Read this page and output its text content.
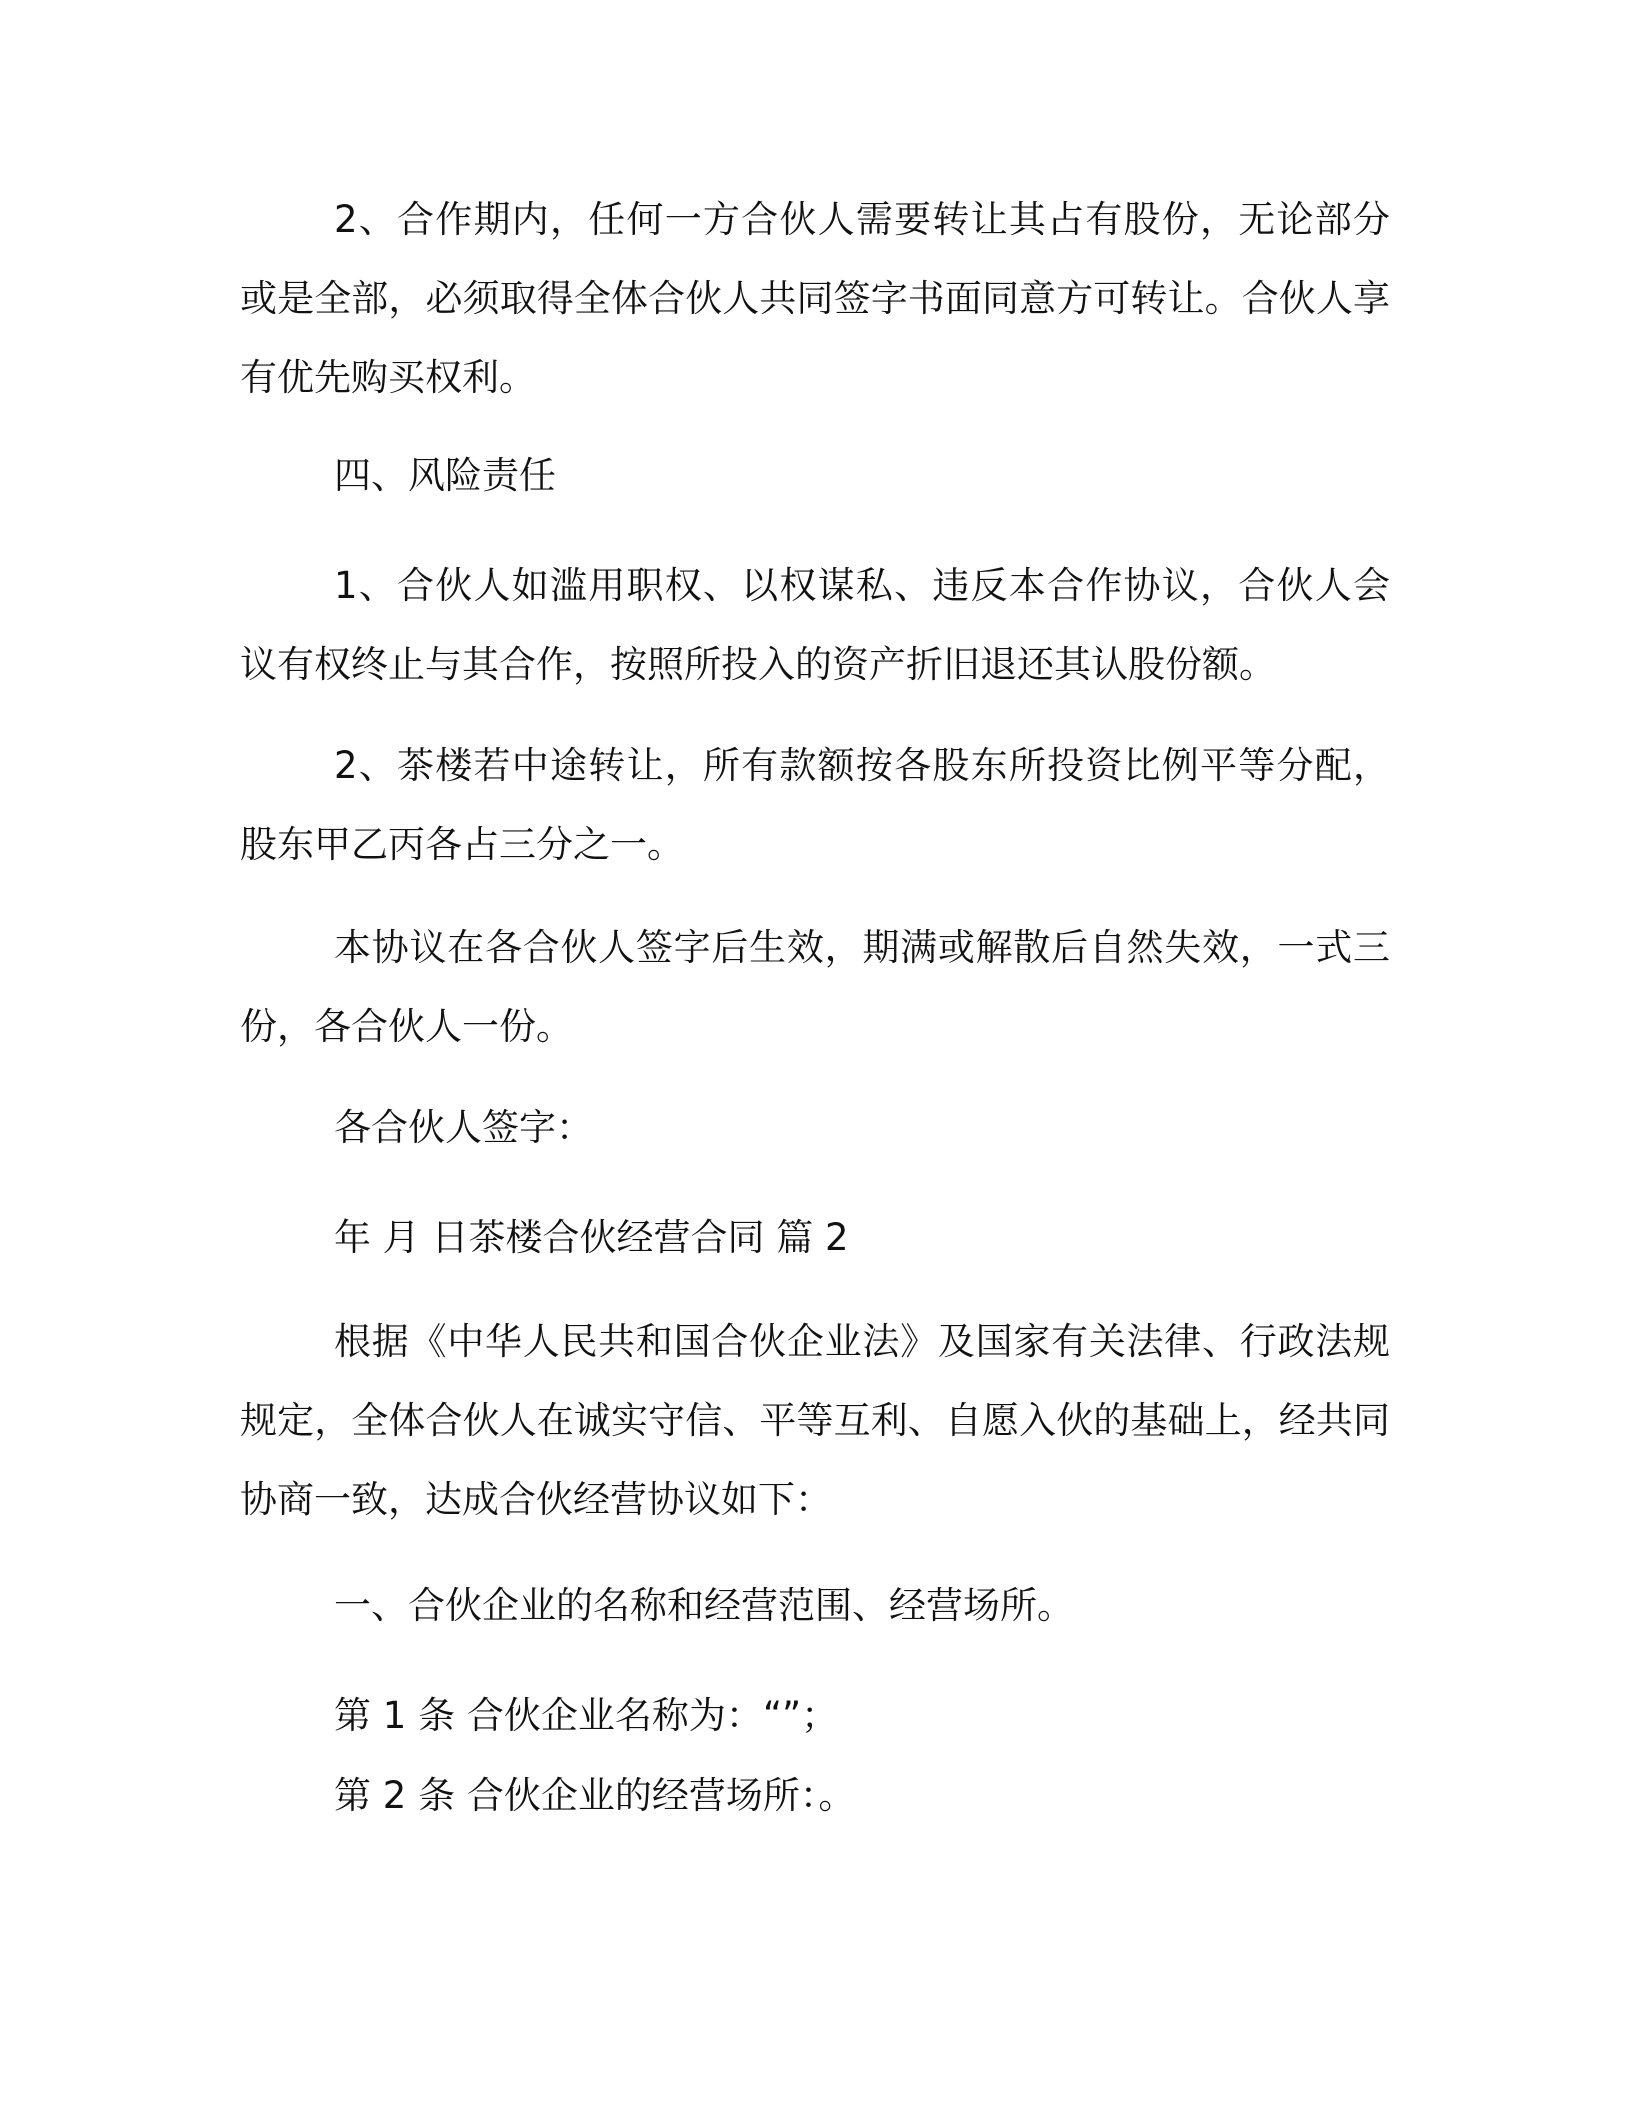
2、合作期内，任何一方合伙人需要转让其占有股份，无论部分或是全部，必须取得全体合伙人共同签字书面同意方可转让。合伙人享有优先购买权利。

四、风险责任

1、合伙人如滥用职权、以权谋私、违反本合作协议，合伙人会议有权终止与其合作，按照所投入的资产折旧退还其认股份额。

2、茶楼若中途转让，所有款额按各股东所投资比例平等分配，股东甲乙丙各占三分之一。

本协议在各合伙人签字后生效，期满或解散后自然失效，一式三份，各合伙人一份。

各合伙人签字：

年 月 日茶楼合伙经营合同 篇 2

根据《中华人民共和国合伙企业法》及国家有关法律、行政法规规定，全体合伙人在诚实守信、平等互利、自愿入伙的基础上，经共同协商一致，达成合伙经营协议如下：

一、合伙企业的名称和经营范围、经营场所。

第 1 条 合伙企业名称为：“”；

第 2 条 合伙企业的经营场所：。
